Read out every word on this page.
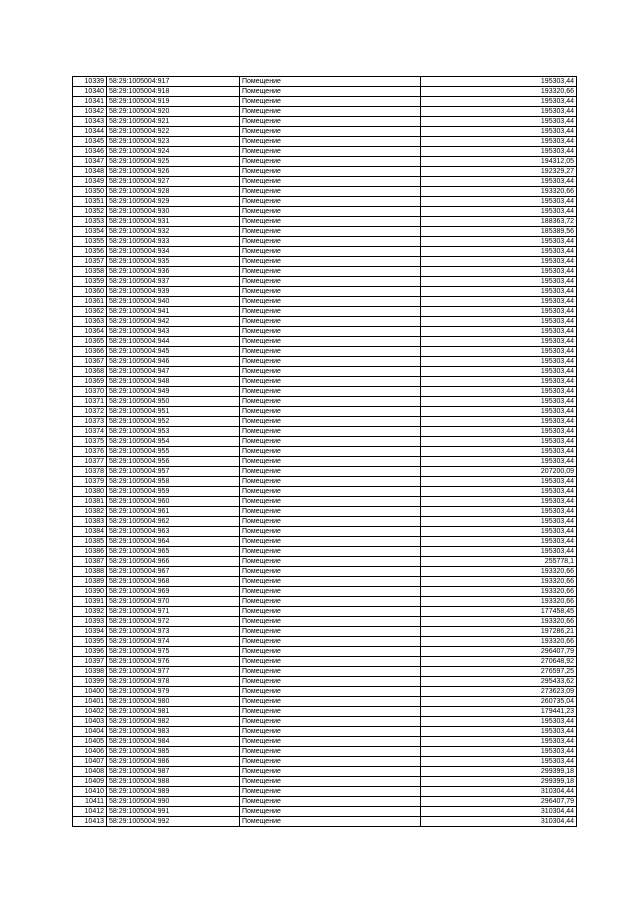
10339	58:29:1005004:917	Помещение	195303,44
10340	58:29:1005004:918	Помещение	193320,66
10341	58:29:1005004:919	Помещение	195303,44
10342	58:29:1005004:920	Помещение	195303,44
10343	58:29:1005004:921	Помещение	195303,44
10344	58:29:1005004:922	Помещение	195303,44
10345	58:29:1005004:923	Помещение	195303,44
10346	58:29:1005004:924	Помещение	195303,44
10347	58:29:1005004:925	Помещение	194312,05
10348	58:29:1005004:926	Помещение	192329,27
10349	58:29:1005004:927	Помещение	195303,44
10350	58:29:1005004:928	Помещение	193320,66
10351	58:29:1005004:929	Помещение	195303,44
10352	58:29:1005004:930	Помещение	195303,44
10353	58:29:1005004:931	Помещение	188363,72
10354	58:29:1005004:932	Помещение	185389,56
10355	58:29:1005004:933	Помещение	195303,44
10356	58:29:1005004:934	Помещение	195303,44
10357	58:29:1005004:935	Помещение	195303,44
10358	58:29:1005004:936	Помещение	195303,44
10359	58:29:1005004:937	Помещение	195303,44
10360	58:29:1005004:939	Помещение	195303,44
10361	58:29:1005004:940	Помещение	195303,44
10362	58:29:1005004:941	Помещение	195303,44
10363	58:29:1005004:942	Помещение	195303,44
10364	58:29:1005004:943	Помещение	195303,44
10365	58:29:1005004:944	Помещение	195303,44
10366	58:29:1005004:945	Помещение	195303,44
10367	58:29:1005004:946	Помещение	195303,44
10368	58:29:1005004:947	Помещение	195303,44
10369	58:29:1005004:948	Помещение	195303,44
10370	58:29:1005004:949	Помещение	195303,44
10371	58:29:1005004:950	Помещение	195303,44
10372	58:29:1005004:951	Помещение	195303,44
10373	58:29:1005004:952	Помещение	195303,44
10374	58:29:1005004:953	Помещение	195303,44
10375	58:29:1005004:954	Помещение	195303,44
10376	58:29:1005004:955	Помещение	195303,44
10377	58:29:1005004:956	Помещение	195303,44
10378	58:29:1005004:957	Помещение	207200,09
10379	58:29:1005004:958	Помещение	195303,44
10380	58:29:1005004:959	Помещение	195303,44
10381	58:29:1005004:960	Помещение	195303,44
10382	58:29:1005004:961	Помещение	195303,44
10383	58:29:1005004:962	Помещение	195303,44
10384	58:29:1005004:963	Помещение	195303,44
10385	58:29:1005004:964	Помещение	195303,44
10386	58:29:1005004:965	Помещение	195303,44
10387	58:29:1005004:966	Помещение	255778,1
10388	58:29:1005004:967	Помещение	193320,66
10389	58:29:1005004:968	Помещение	193320,66
10390	58:29:1005004:969	Помещение	193320,66
10391	58:29:1005004:970	Помещение	193320,66
10392	58:29:1005004:971	Помещение	177458,45
10393	58:29:1005004:972	Помещение	193320,66
10394	58:29:1005004:973	Помещение	197286,21
10395	58:29:1005004:974	Помещение	193320,66
10396	58:29:1005004:975	Помещение	296407,79
10397	58:29:1005004:976	Помещение	270648,92
10398	58:29:1005004:977	Помещение	276597,25
10399	58:29:1005004:978	Помещение	295433,62
10400	58:29:1005004:979	Помещение	273623,09
10401	58:29:1005004:980	Помещение	260735,04
10402	58:29:1005004:981	Помещение	179441,23
10403	58:29:1005004:982	Помещение	195303,44
10404	58:29:1005004:983	Помещение	195303,44
10405	58:29:1005004:984	Помещение	195303,44
10406	58:29:1005004:985	Помещение	195303,44
10407	58:29:1005004:986	Помещение	195303,44
10408	58:29:1005004:987	Помещение	299399,18
10409	58:29:1005004:988	Помещение	299399,18
10410	58:29:1005004:989	Помещение	310304,44
10411	58:29:1005004:990	Помещение	296407,79
10412	58:29:1005004:991	Помещение	310304,44
10413	58:29:1005004:992	Помещение	310304,44
